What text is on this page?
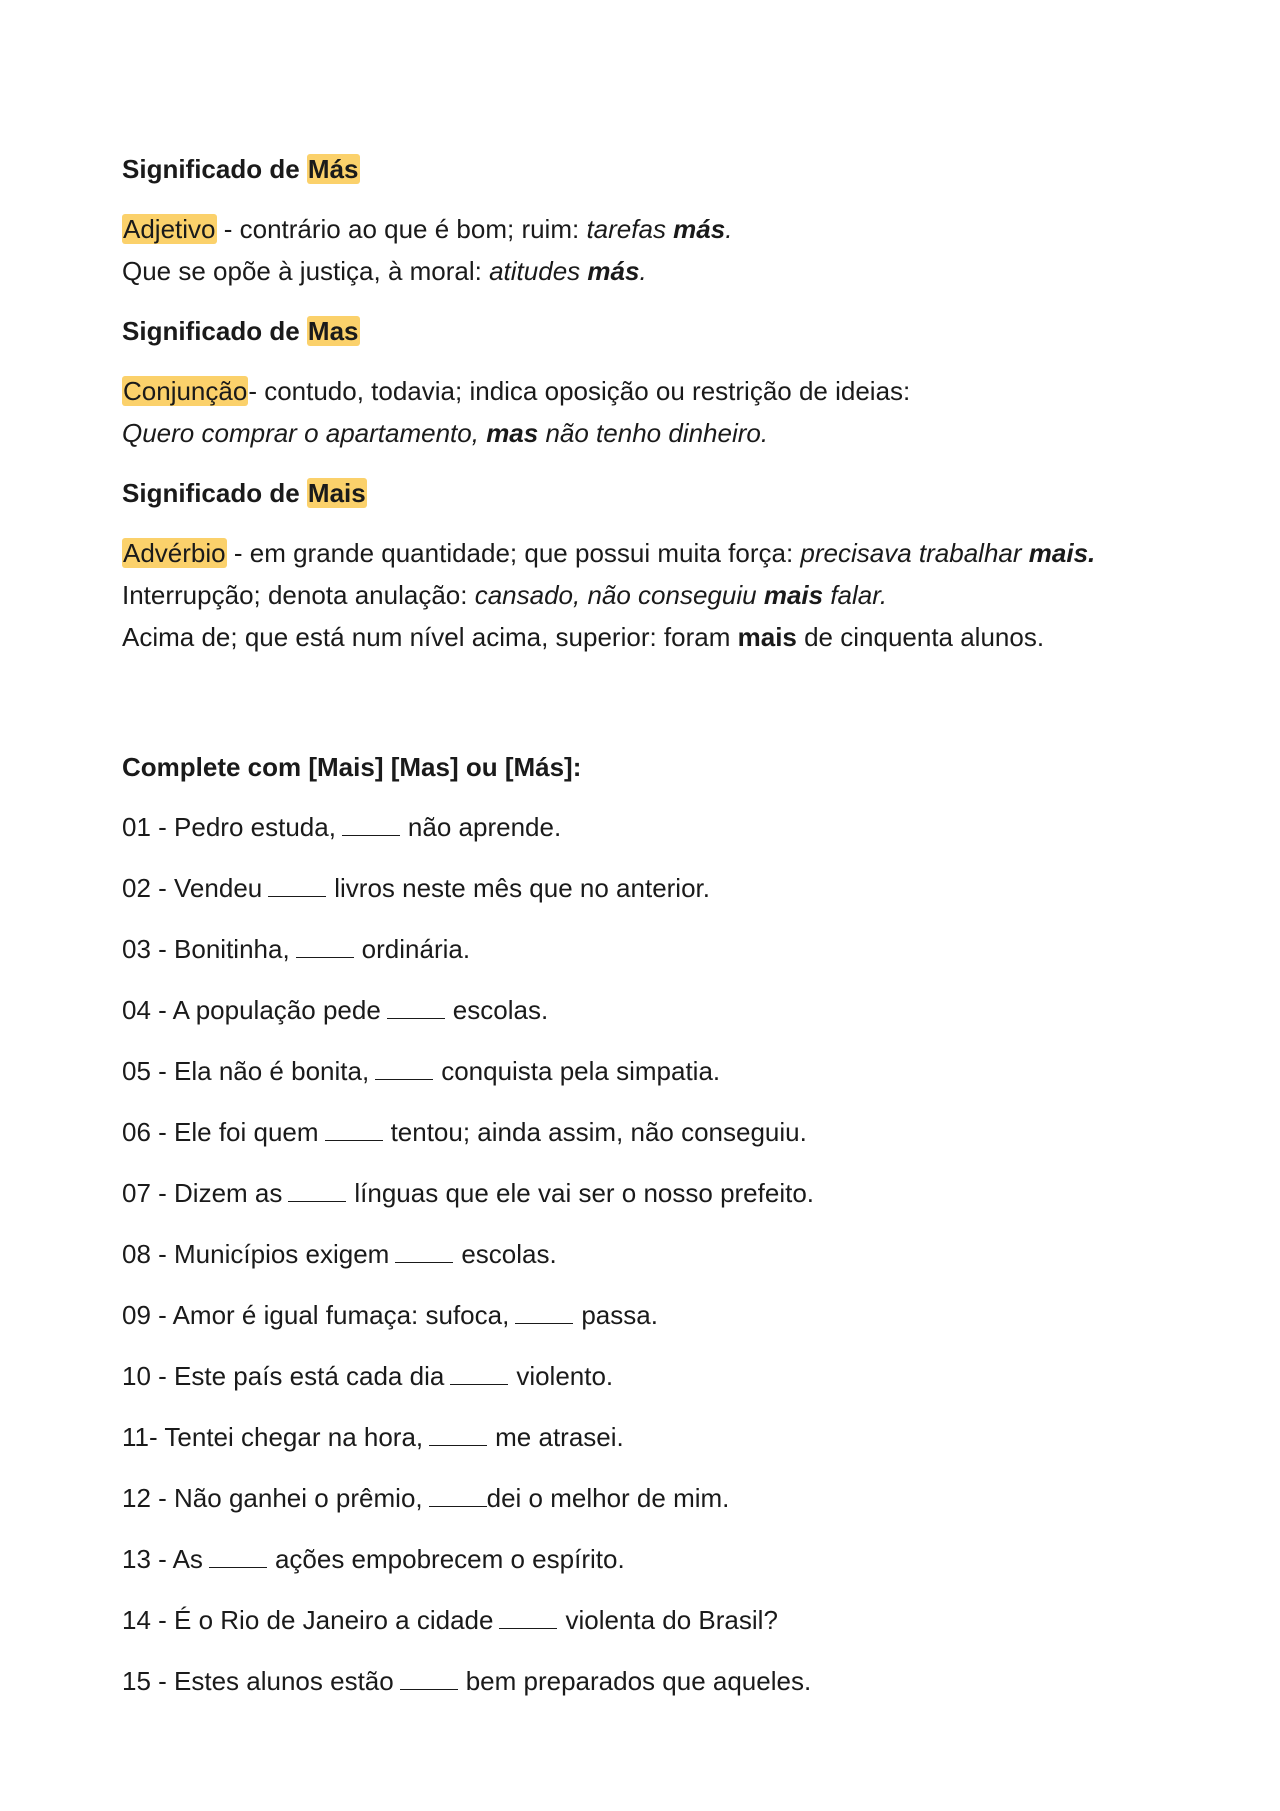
Significado de Más
Adjetivo - contrário ao que é bom; ruim: tarefas más.
Que se opõe à justiça, à moral: atitudes más.
Significado de Mas
Conjunção- contudo, todavia; indica oposição ou restrição de ideias:
Quero comprar o apartamento, mas não tenho dinheiro.
Significado de Mais
Advérbio - em grande quantidade; que possui muita força: precisava trabalhar mais.
Interrupção; denota anulação: cansado, não conseguiu mais falar.
Acima de; que está num nível acima, superior: foram mais de cinquenta alunos.
Complete com [Mais] [Mas] ou [Más]:
01 - Pedro estuda,	não aprende.
02 - Vendeu	livros neste mês que no anterior.
03 - Bonitinha,	ordinária.
04 - A população pede	escolas.
05 - Ela não é bonita,	conquista pela simpatia.
06 - Ele foi quem	tentou; ainda assim, não conseguiu.
07 - Dizem as	línguas que ele vai ser o nosso prefeito.
08 - Municípios exigem	escolas.
09 - Amor é igual fumaça: sufoca,	passa.
10 - Este país está cada dia	violento.
11- Tentei chegar na hora,	me atrasei.
12 - Não ganhei o prêmio, dei o melhor de mim.
13 - As	ações empobrecem o espírito.
14 - É o Rio de Janeiro a cidade	violenta do Brasil?
15 - Estes alunos estão	bem preparados que aqueles.
